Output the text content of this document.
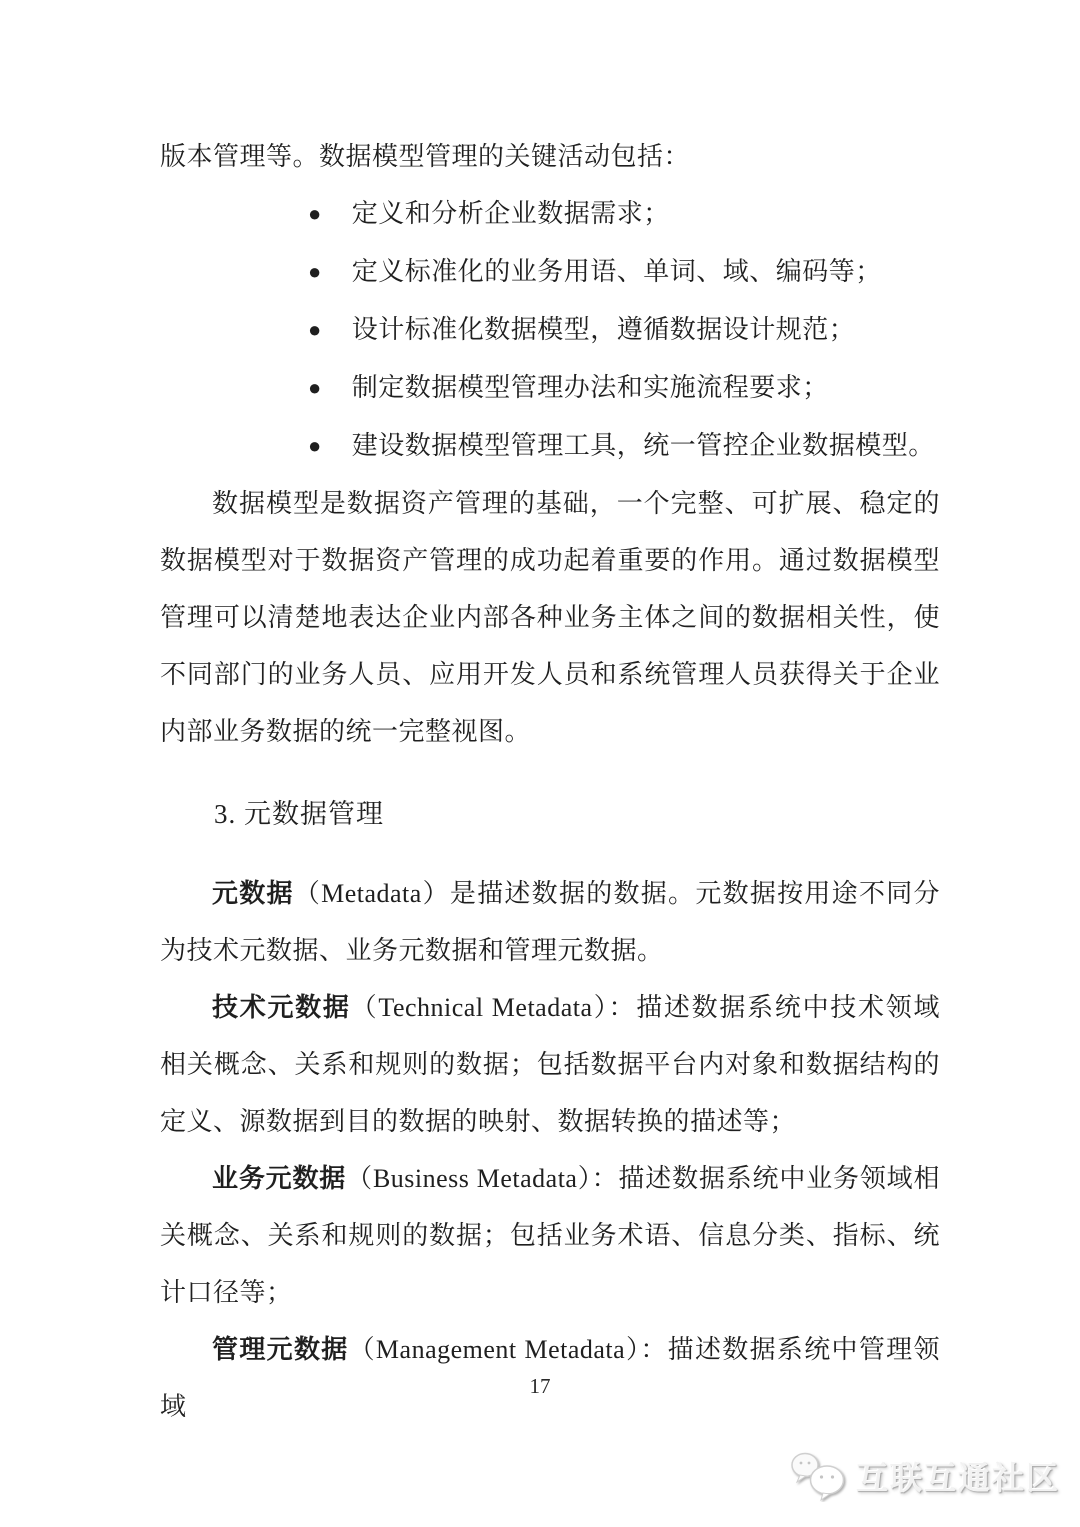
版本管理等。数据模型管理的关键活动包括：

● 定义和分析企业数据需求；
● 定义标准化的业务用语、单词、域、编码等；
● 设计标准化数据模型，遵循数据设计规范；
● 制定数据模型管理办法和实施流程要求；
● 建设数据模型管理工具，统一管控企业数据模型。

数据模型是数据资产管理的基础，一个完整、可扩展、稳定的数据模型对于数据资产管理的成功起着重要的作用。通过数据模型管理可以清楚地表达企业内部各种业务主体之间的数据相关性，使不同部门的业务人员、应用开发人员和系统管理人员获得关于企业内部业务数据的统一完整视图。

3. 元数据管理

元数据（Metadata）是描述数据的数据。元数据按用途不同分为技术元数据、业务元数据和管理元数据。

技术元数据（Technical Metadata）：描述数据系统中技术领域相关概念、关系和规则的数据；包括数据平台内对象和数据结构的定义、源数据到目的数据的映射、数据转换的描述等；

业务元数据（Business Metadata）：描述数据系统中业务领域相关概念、关系和规则的数据；包括业务术语、信息分类、指标、统计口径等；

管理元数据（Management Metadata）：描述数据系统中管理领域

17
互联互通社区
